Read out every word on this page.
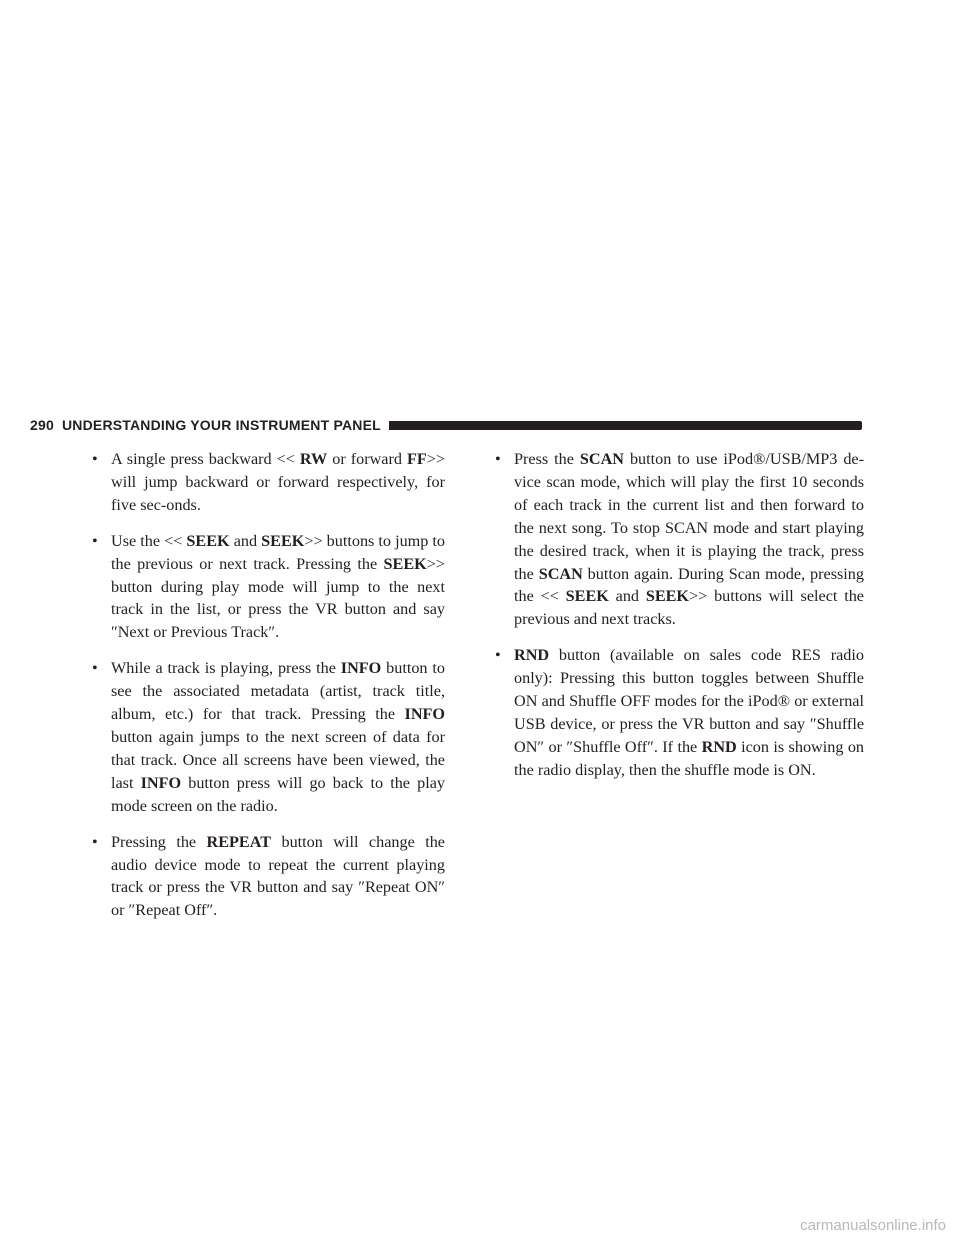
290 UNDERSTANDING YOUR INSTRUMENT PANEL
• A single press backward << RW or forward FF>> will jump backward or forward respectively, for five sec-onds.
• Use the << SEEK and SEEK>> buttons to jump to the previous or next track. Pressing the SEEK>> button during play mode will jump to the next track in the list, or press the VR button and say ″Next or Previous Track″.
• While a track is playing, press the INFO button to see the associated metadata (artist, track title, album, etc.) for that track. Pressing the INFO button again jumps to the next screen of data for that track. Once all screens have been viewed, the last INFO button press will go back to the play mode screen on the radio.
• Pressing the REPEAT button will change the audio device mode to repeat the current playing track or press the VR button and say ″Repeat ON″ or ″Repeat Off″.
• Press the SCAN button to use iPod®/USB/MP3 de-vice scan mode, which will play the first 10 seconds of each track in the current list and then forward to the next song. To stop SCAN mode and start playing the desired track, when it is playing the track, press the SCAN button again. During Scan mode, pressing the << SEEK and SEEK>> buttons will select the previous and next tracks.
• RND button (available on sales code RES radio only): Pressing this button toggles between Shuffle ON and Shuffle OFF modes for the iPod® or external USB device, or press the VR button and say ″Shuffle ON″ or ″Shuffle Off″. If the RND icon is showing on the radio display, then the shuffle mode is ON.
carmanualsonline.info
